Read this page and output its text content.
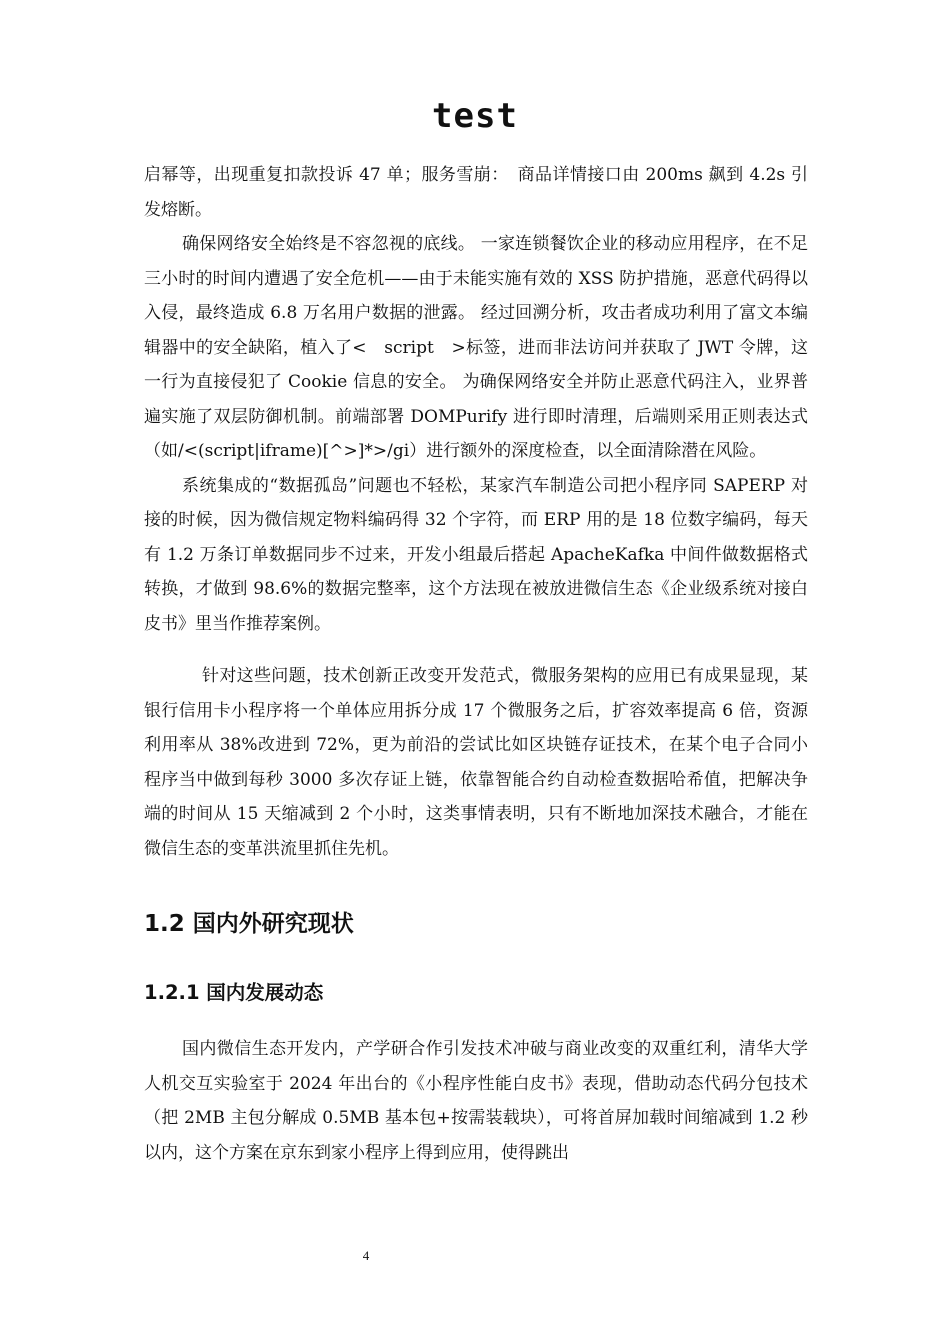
test

启幂等，出现重复扣款投诉 47 单；服务雪崩：　商品详情接口由 200ms 飙到 4.2s 引发熔断。

确保网络安全始终是不容忽视的底线。 一家连锁餐饮企业的移动应用程序，在不足三小时的时间内遭遇了安全危机——由于未能实施有效的 XSS 防护措施，恶意代码得以入侵，最终造成 6.8 万名用户数据的泄露。 经过回溯分析，攻击者成功利用了富文本编辑器中的安全缺陷，植入了<　script　>标签，进而非法访问并获取了 JWT 令牌，这一行为直接侵犯了 Cookie 信息的安全。 为确保网络安全并防止恶意代码注入，业界普遍实施了双层防御机制。前端部署 DOMPurify 进行即时清理，后端则采用正则表达式（如/<(script|iframe)[^>]*>/gi）进行额外的深度检查，以全面清除潜在风险。

系统集成的“数据孤岛”问题也不轻松，某家汽车制造公司把小程序同 SAPERP 对接的时候，因为微信规定物料编码得 32 个字符，而 ERP 用的是 18 位数字编码，每天有 1.2 万条订单数据同步不过来，开发小组最后搭起 ApacheKafka 中间件做数据格式转换，才做到 98.6%的数据完整率，这个方法现在被放进微信生态《企业级系统对接白皮书》里当作推荐案例。

针对这些问题，技术创新正改变开发范式，微服务架构的应用已有成果显现，某银行信用卡小程序将一个单体应用拆分成 17 个微服务之后，扩容效率提高 6 倍，资源利用率从 38%改进到 72%，更为前沿的尝试比如区块链存证技术，在某个电子合同小程序当中做到每秒 3000 多次存证上链，依靠智能合约自动检查数据哈希值，把解决争端的时间从 15 天缩减到 2 个小时，这类事情表明，只有不断地加深技术融合，才能在微信生态的变革洪流里抓住先机。

1.2 国内外研究现状
1.2.1 国内发展动态

国内微信生态开发内，产学研合作引发技术冲破与商业改变的双重红利，清华大学人机交互实验室于 2024 年出台的《小程序性能白皮书》表现，借助动态代码分包技术（把 2MB 主包分解成 0.5MB 基本包+按需装载块），可将首屏加载时间缩减到 1.2 秒以内，这个方案在京东到家小程序上得到应用，使得跳出

4
